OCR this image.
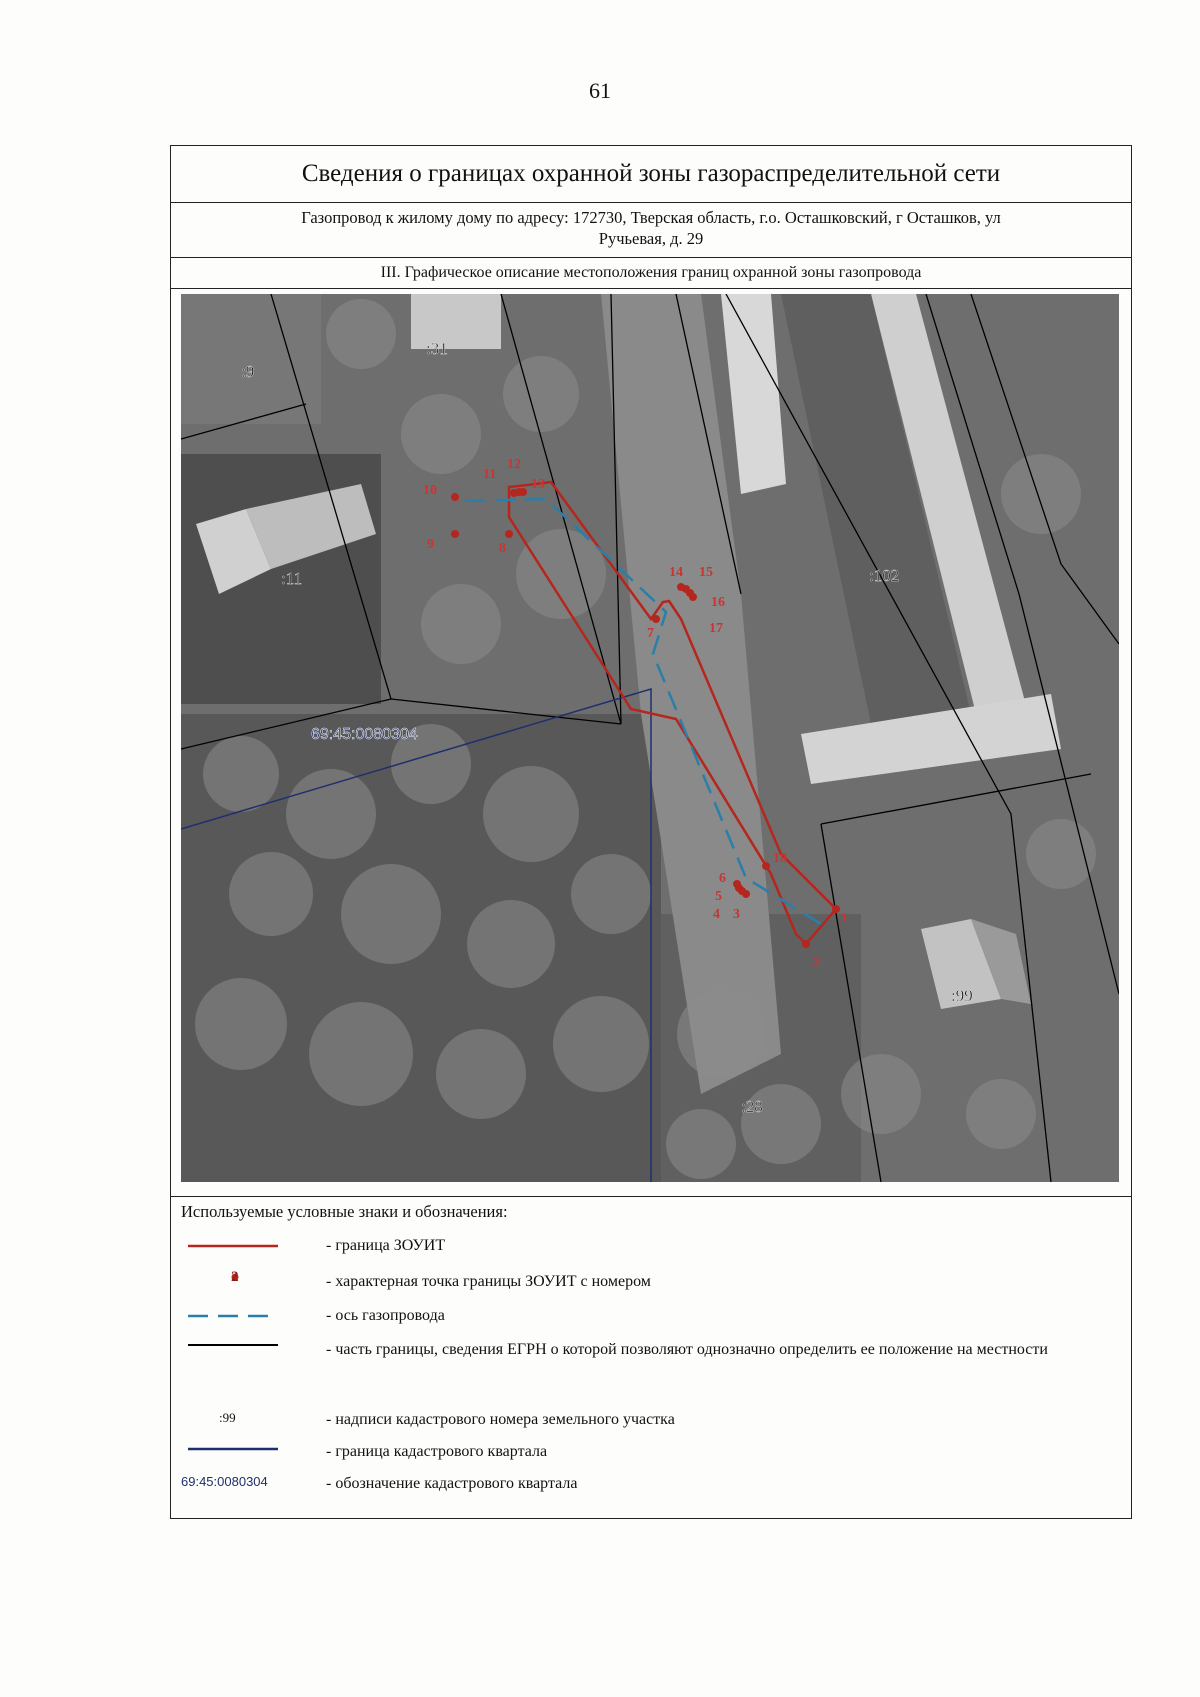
61
Сведения о границах охранной зоны газораспределительной сети
Газопровод к жилому дому по адресу: 172730, Тверская область, г.о. Осташковский, г Осташков, ул
Ручьевая, д. 29
III. Графическое описание местоположения границ охранной зоны газопровода
1
2
3
4
5
6
7
8
9
10
11
12
13
14 15
16
17
18
:9
:31
:11	:102
:99
:28
69:45:0080304
Используемые условные знаки и обозначения:
- граница ЗОУИТ
2	- характерная точка границы ЗОУИТ с номером
- ось газопровода
- часть границы, сведения ЕГРН о которой позволяют однозначно определить ее положение на местности
:99	- надписи кадастрового номера земельного участка
- граница кадастрового квартала
69:45:0080304	- обозначение кадастрового квартала
